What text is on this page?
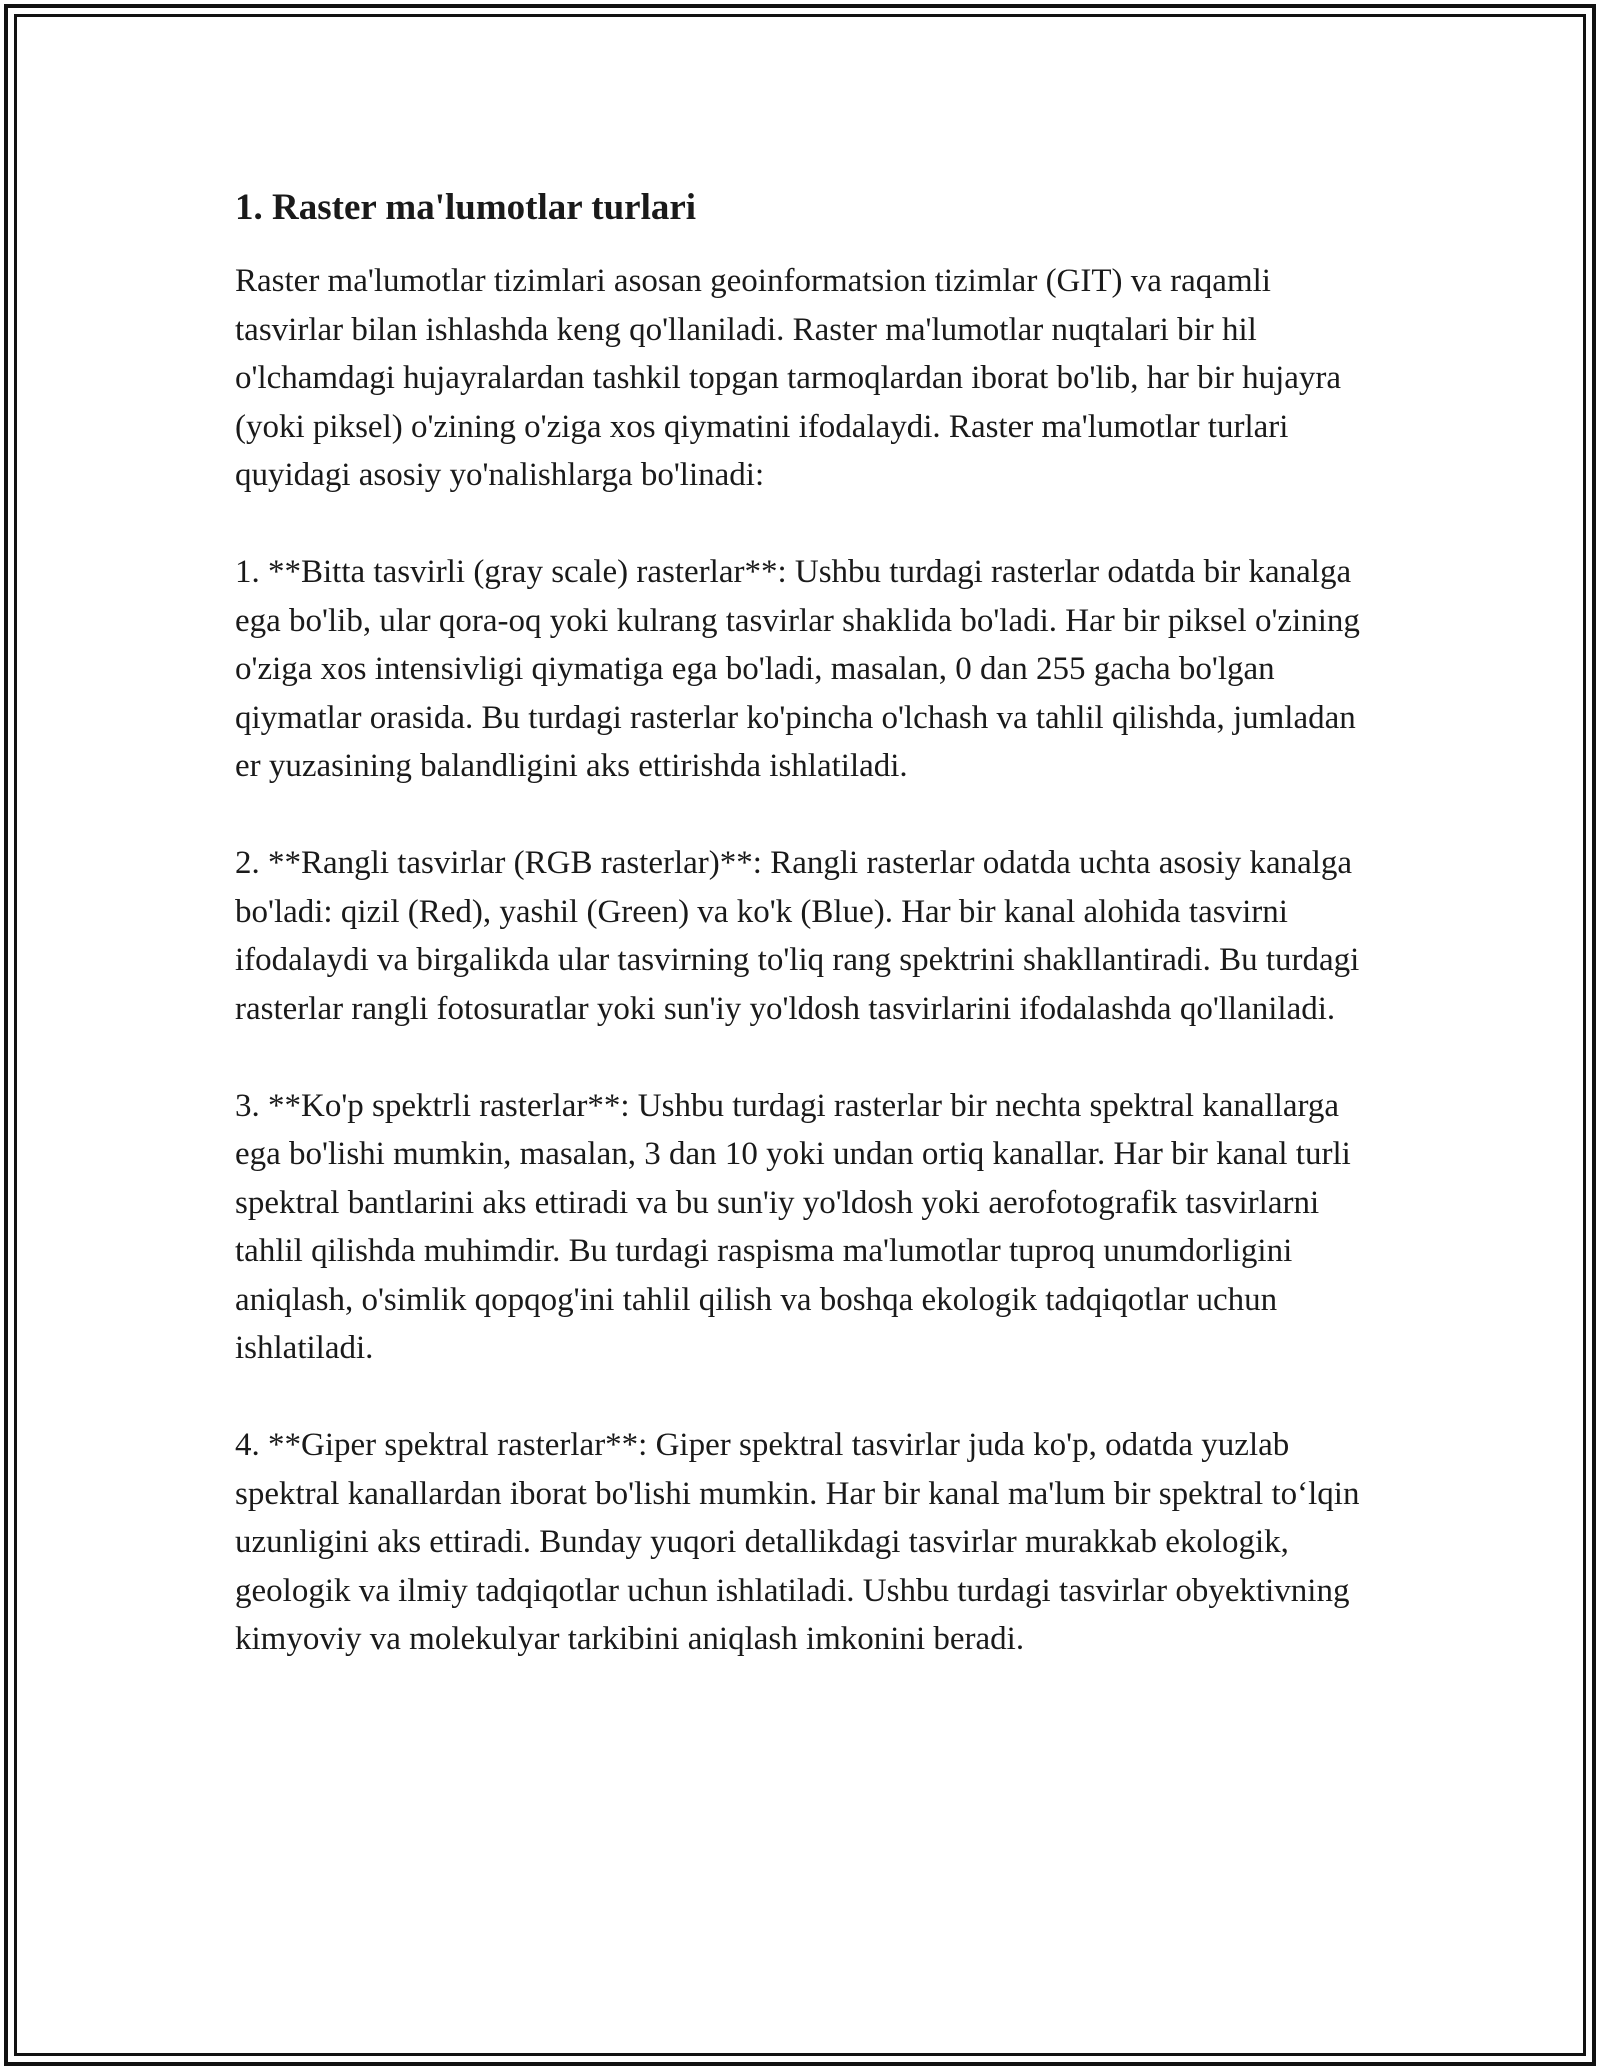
1. Raster ma'lumotlar turlari

Raster ma'lumotlar tizimlari asosan geoinformatsion tizimlar (GIT) va raqamli tasvirlar bilan ishlashda keng qo'llaniladi. Raster ma'lumotlar nuqtalari bir hil o'lchamdagi hujayralardan tashkil topgan tarmoqlardan iborat bo'lib, har bir hujayra (yoki piksel) o'zining o'ziga xos qiymatini ifodalaydi. Raster ma'lumotlar turlari quyidagi asosiy yo'nalishlarga bo'linadi:

1. **Bitta tasvirli (gray scale) rasterlar**: Ushbu turdagi rasterlar odatda bir kanalga ega bo'lib, ular qora-oq yoki kulrang tasvirlar shaklida bo'ladi. Har bir piksel o'zining o'ziga xos intensivligi qiymatiga ega bo'ladi, masalan, 0 dan 255 gacha bo'lgan qiymatlar orasida. Bu turdagi rasterlar ko'pincha o'lchash va tahlil qilishda, jumladan er yuzasining balandligini aks ettirishda ishlatiladi.

2. **Rangli tasvirlar (RGB rasterlar)**: Rangli rasterlar odatda uchta asosiy kanalga bo'ladi: qizil (Red), yashil (Green) va ko'k (Blue). Har bir kanal alohida tasvirni ifodalaydi va birgalikda ular tasvirning to'liq rang spektrini shakllantiradi. Bu turdagi rasterlar rangli fotosuratlar yoki sun'iy yo'ldosh tasvirlarini ifodalashda qo'llaniladi.

3. **Ko'p spektrli rasterlar**: Ushbu turdagi rasterlar bir nechta spektral kanallarga ega bo'lishi mumkin, masalan, 3 dan 10 yoki undan ortiq kanallar. Har bir kanal turli spektral bantlarini aks ettiradi va bu sun'iy yo'ldosh yoki aerofotografik tasvirlarni tahlil qilishda muhimdir. Bu turdagi raspisma ma'lumotlar tuproq unumdorligini aniqlash, o'simlik qopqog'ini tahlil qilish va boshqa ekologik tadqiqotlar uchun ishlatiladi.

4. **Giper spektral rasterlar**: Giper spektral tasvirlar juda ko'p, odatda yuzlab spektral kanallardan iborat bo'lishi mumkin. Har bir kanal ma'lum bir spektral to‘lqin uzunligini aks ettiradi. Bunday yuqori detallikdagi tasvirlar murakkab ekologik, geologik va ilmiy tadqiqotlar uchun ishlatiladi. Ushbu turdagi tasvirlar obyektivning kimyoviy va molekulyar tarkibini aniqlash imkonini beradi.
